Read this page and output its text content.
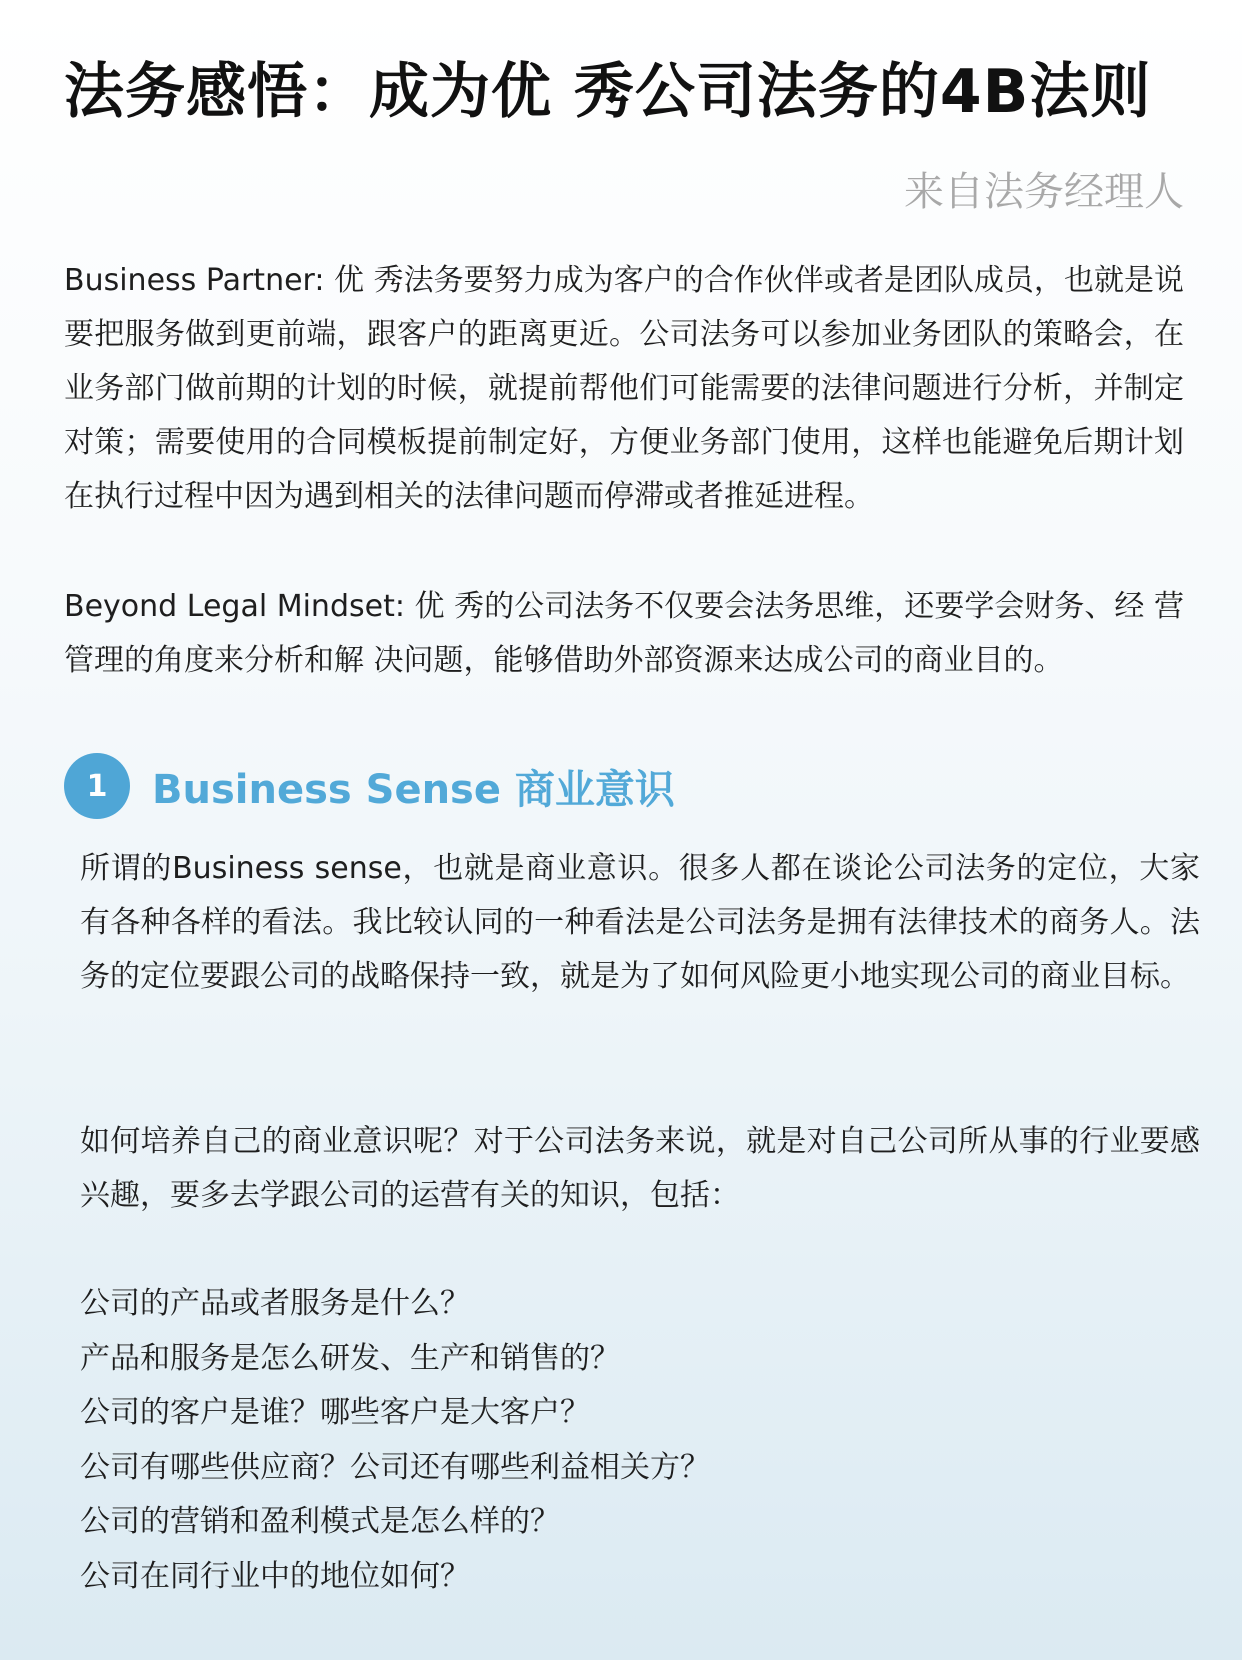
法务感悟：成为优 秀公司法务的4B法则
来自法务经理人

Business Partner: 优 秀法务要努力成为客户的合作伙伴或者是团队成员，也就是说要把服务做到更前端，跟客户的距离更近。公司法务可以参加业务团队的策略会，在业务部门做前期的计划的时候，就提前帮他们可能需要的法律问题进行分析，并制定对策；需要使用的合同模板提前制定好，方便业务部门使用，这样也能避免后期计划在执行过程中因为遇到相关的法律问题而停滞或者推延进程。

Beyond Legal Mindset: 优 秀的公司法务不仅要会法务思维，还要学会财务、经 营管理的角度来分析和解 决问题，能够借助外部资源来达成公司的商业目的。

1	Business Sense 商业意识

所谓的Business sense，也就是商业意识。很多人都在谈论公司法务的定位，大家有各种各样的看法。我比较认同的一种看法是公司法务是拥有法律技术的商务人。法务的定位要跟公司的战略保持一致，就是为了如何风险更小地实现公司的商业目标。

如何培养自己的商业意识呢？对于公司法务来说，就是对自己公司所从事的行业要感兴趣，要多去学跟公司的运营有关的知识，包括：

公司的产品或者服务是什么？
产品和服务是怎么研发、生产和销售的？
公司的客户是谁？哪些客户是大客户？
公司有哪些供应商？公司还有哪些利益相关方？
公司的营销和盈利模式是怎么样的？
公司在同行业中的地位如何？
